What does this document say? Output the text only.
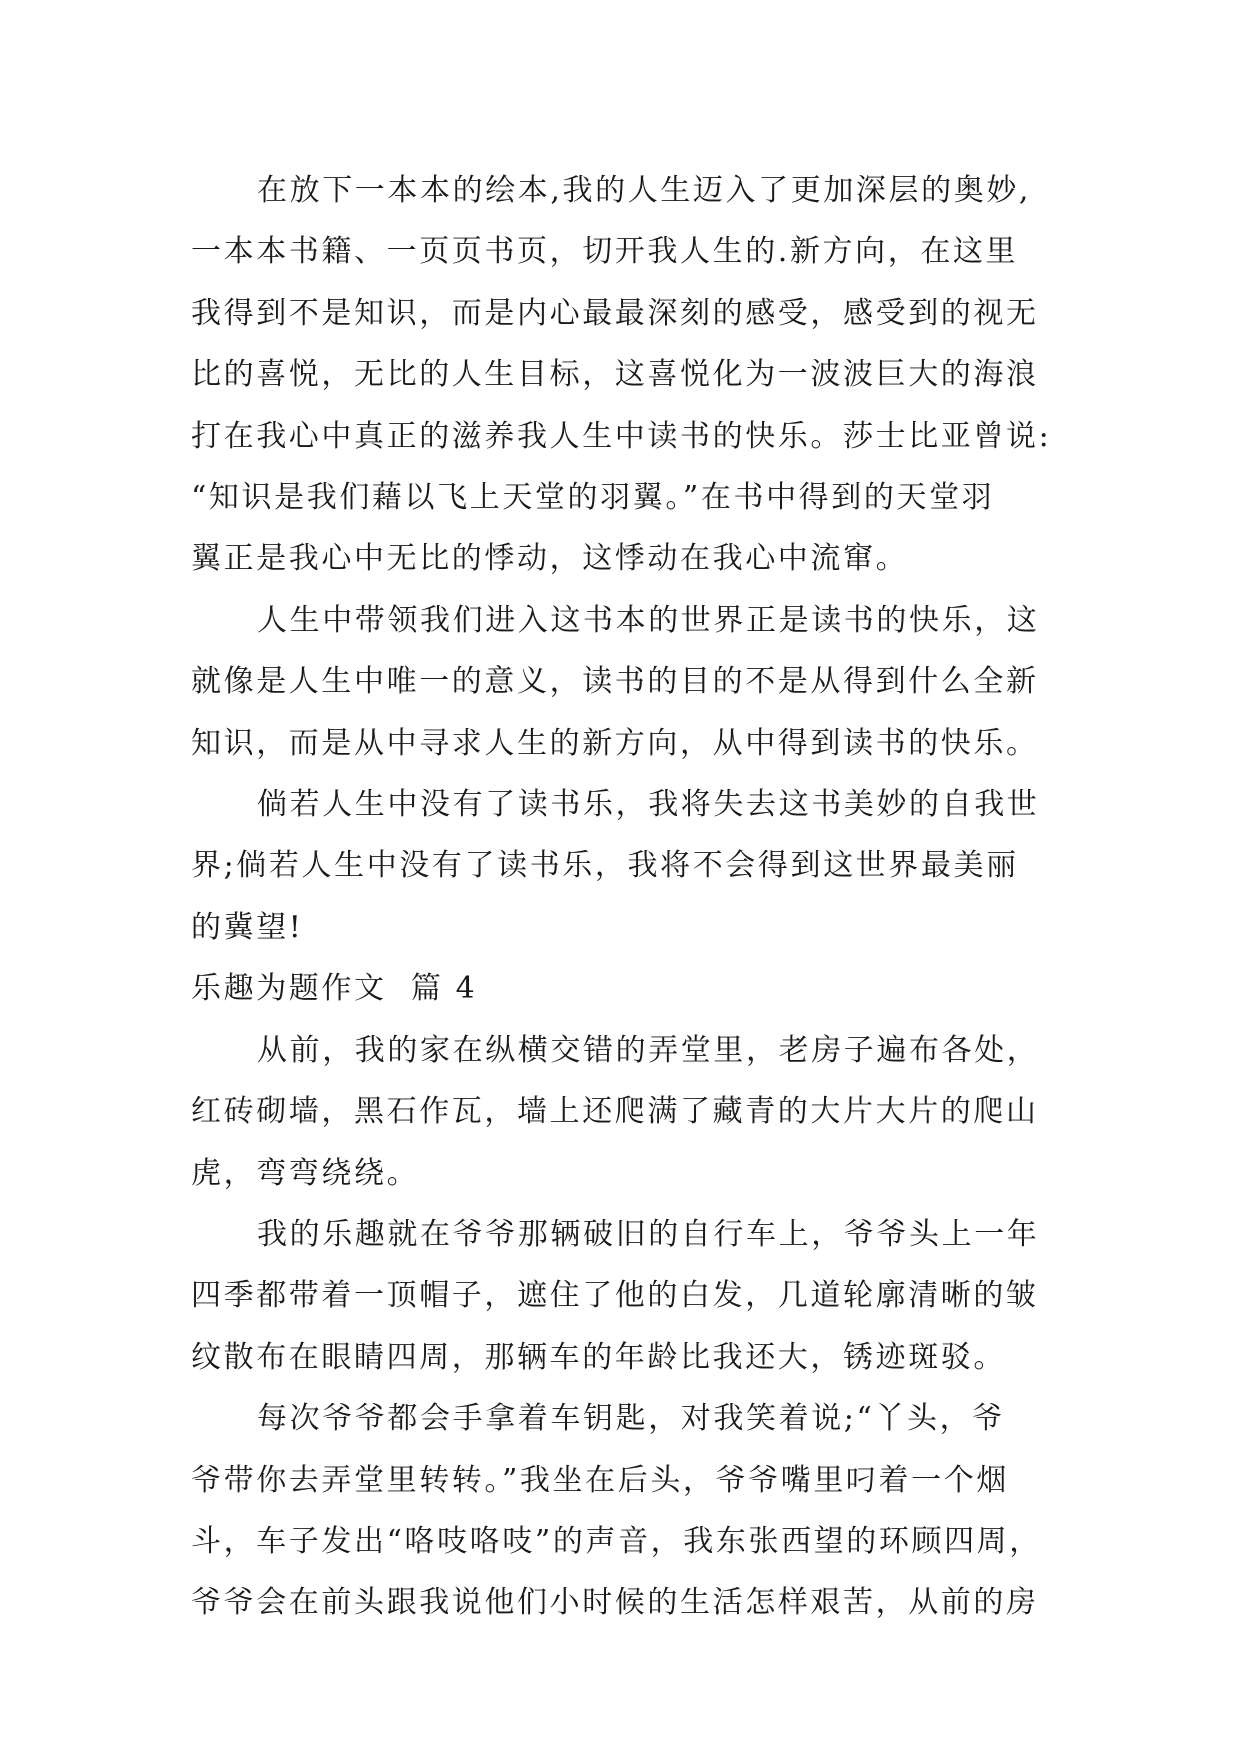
在放下一本本的绘本,我的人生迈入了更加深层的奥妙,
一本本书籍、一页页书页，切开我人生的.新方向，在这里
我得到不是知识，而是内心最最深刻的感受，感受到的视无
比的喜悦，无比的人生目标，这喜悦化为一波波巨大的海浪
打在我心中真正的滋养我人生中读书的快乐。莎士比亚曾说:
“知识是我们藉以飞上天堂的羽翼。”在书中得到的天堂羽
翼正是我心中无比的悸动，这悸动在我心中流窜。

人生中带领我们进入这书本的世界正是读书的快乐，这
就像是人生中唯一的意义，读书的目的不是从得到什么全新
知识，而是从中寻求人生的新方向，从中得到读书的快乐。

倘若人生中没有了读书乐，我将失去这书美妙的自我世
界;倘若人生中没有了读书乐，我将不会得到这世界最美丽
的冀望!

乐趣为题作文  篇 4

从前，我的家在纵横交错的弄堂里，老房子遍布各处，
红砖砌墙，黑石作瓦，墙上还爬满了藏青的大片大片的爬山
虎，弯弯绕绕。

我的乐趣就在爷爷那辆破旧的自行车上，爷爷头上一年
四季都带着一顶帽子，遮住了他的白发，几道轮廓清晰的皱
纹散布在眼睛四周，那辆车的年龄比我还大，锈迹斑驳。

每次爷爷都会手拿着车钥匙，对我笑着说;“丫头，爷
爷带你去弄堂里转转。”我坐在后头，爷爷嘴里叼着一个烟
斗，车子发出“咯吱咯吱”的声音，我东张西望的环顾四周，
爷爷会在前头跟我说他们小时候的生活怎样艰苦，从前的房
